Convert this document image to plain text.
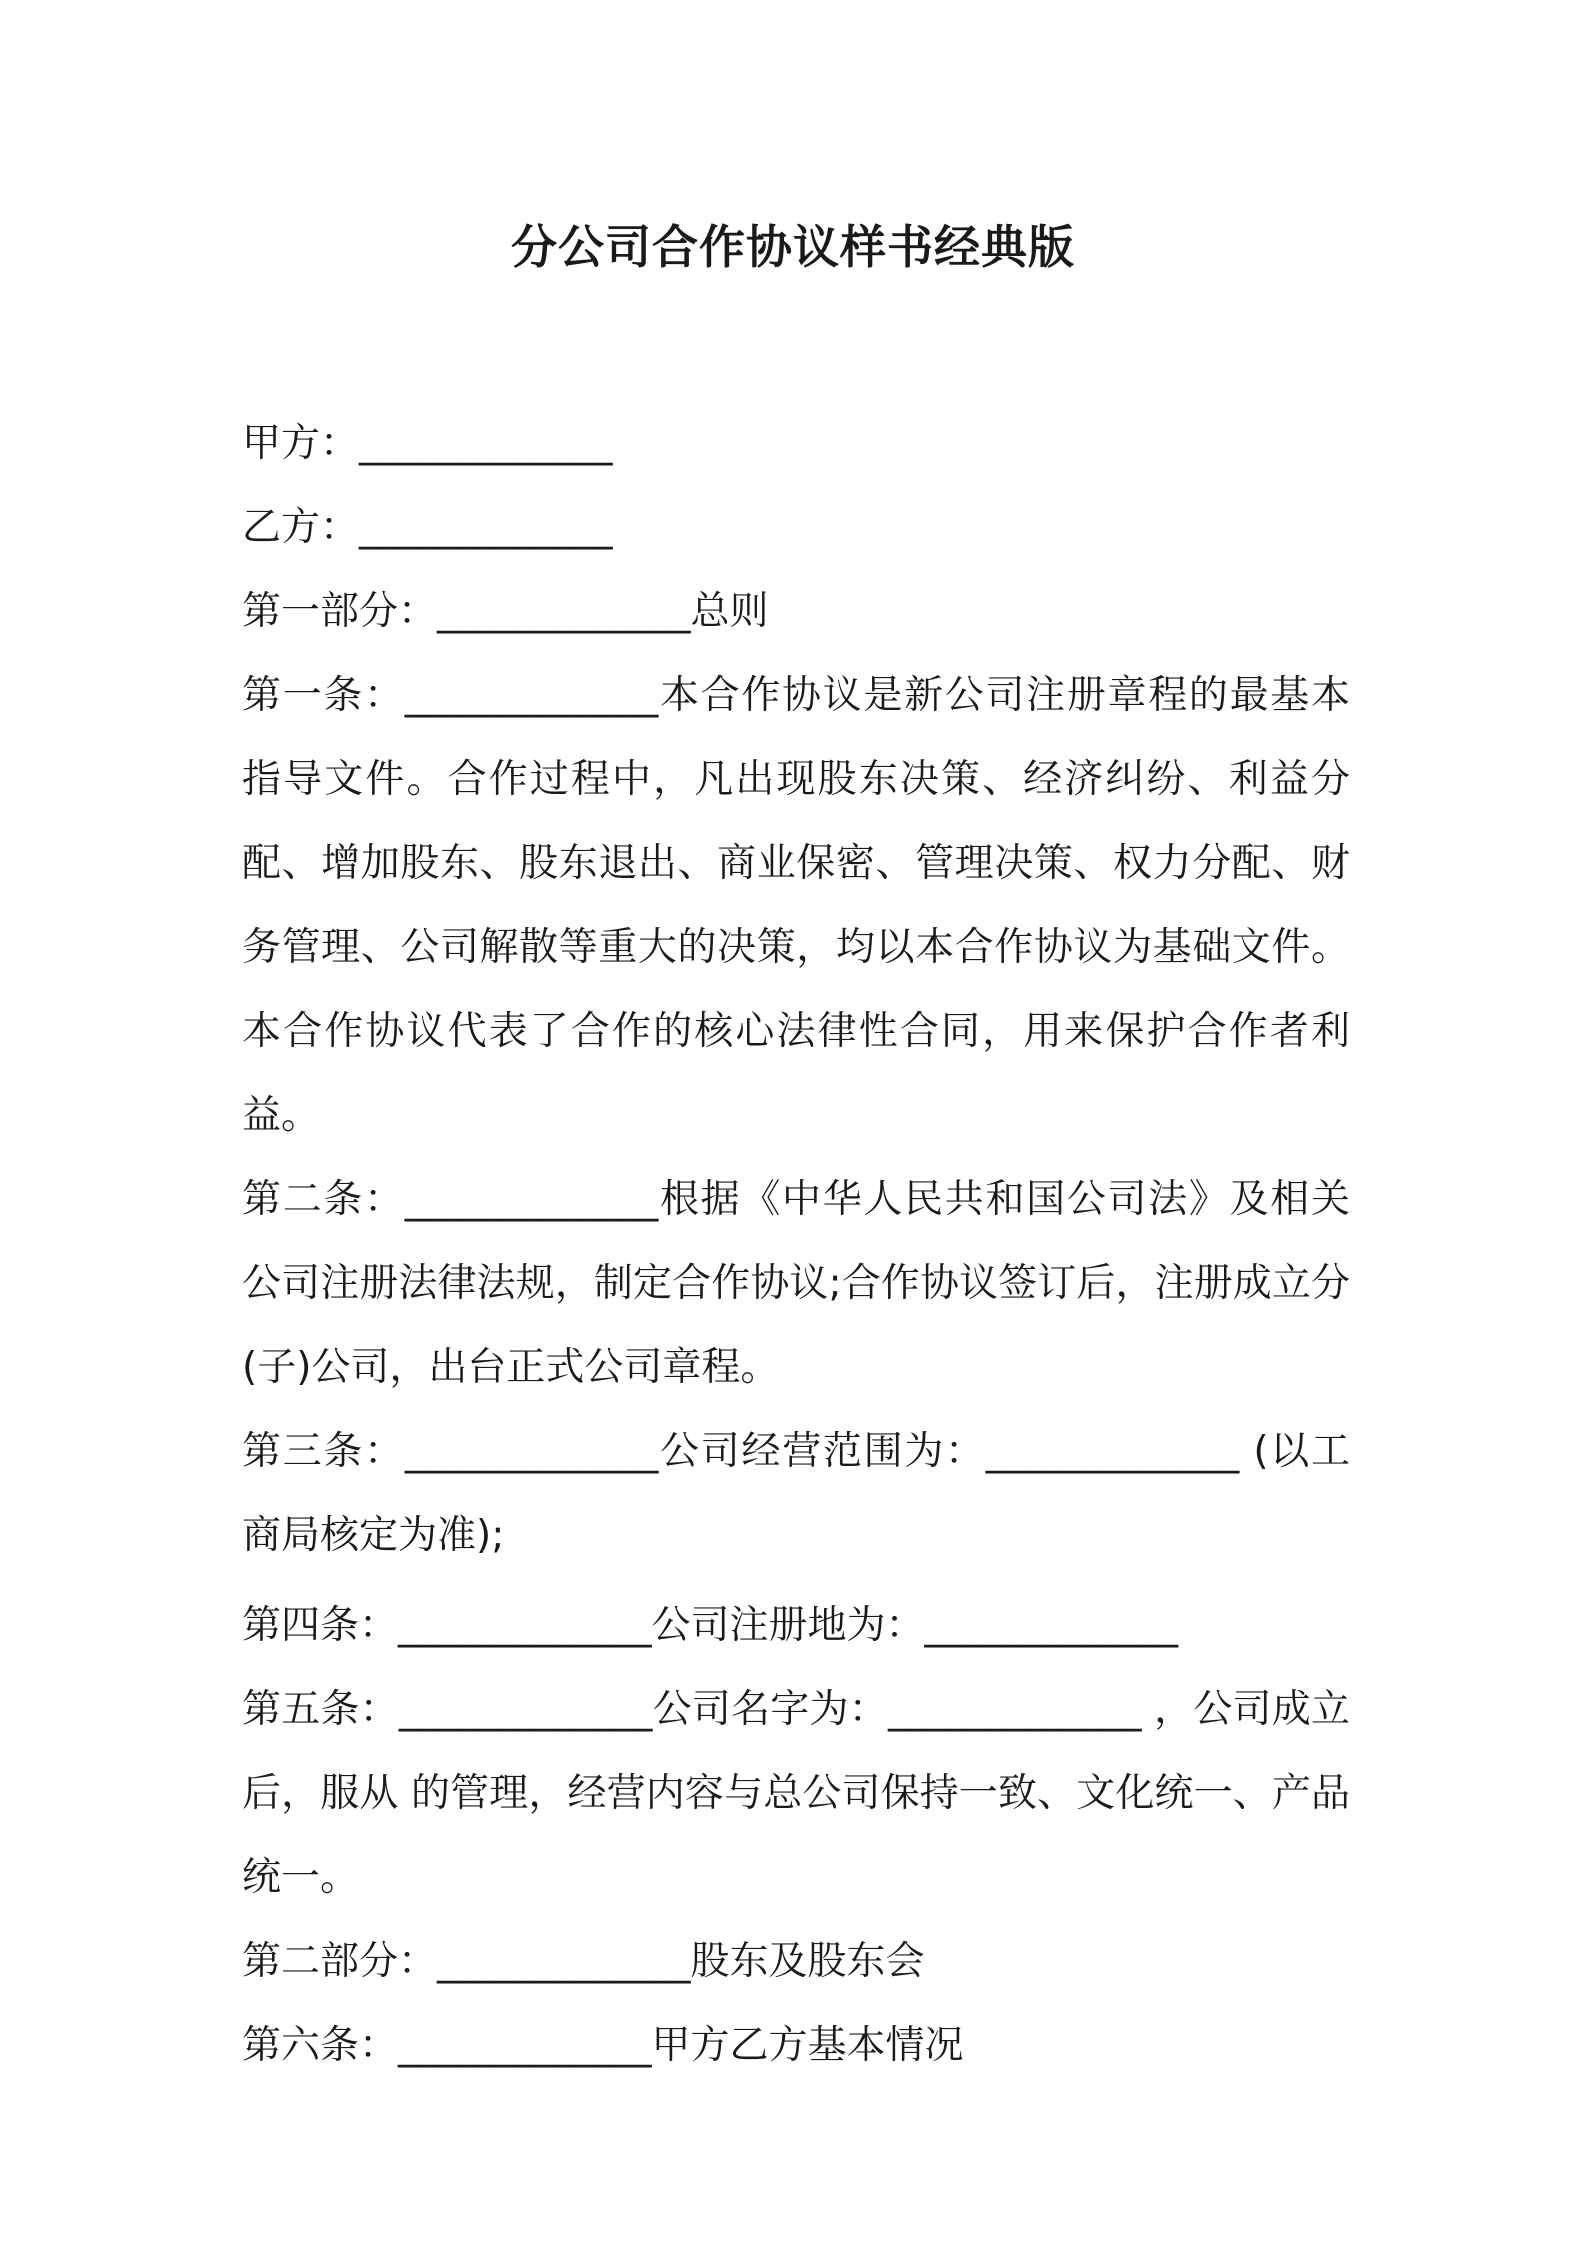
分公司合作协议样书经典版

甲方：_____________

乙方：_____________

第一部分：_____________总则

第一条：_____________本合作协议是新公司注册章程的最基本指导文件。合作过程中，凡出现股东决策、经济纠纷、利益分配、增加股东、股东退出、商业保密、管理决策、权力分配、财务管理、公司解散等重大的决策，均以本合作协议为基础文件。本合作协议代表了合作的核心法律性合同，用来保护合作者利益。

第二条：_____________根据《中华人民共和国公司法》及相关公司注册法律法规，制定合作协议;合作协议签订后，注册成立分(子)公司，出台正式公司章程。

第三条：_____________公司经营范围为：_____________ (以工商局核定为准);

第四条：_____________公司注册地为：_____________

第五条：_____________公司名字为：_____________ ，公司成立后，服从 的管理，经营内容与总公司保持一致、文化统一、产品统一。

第二部分：_____________股东及股东会

第六条：_____________甲方乙方基本情况
